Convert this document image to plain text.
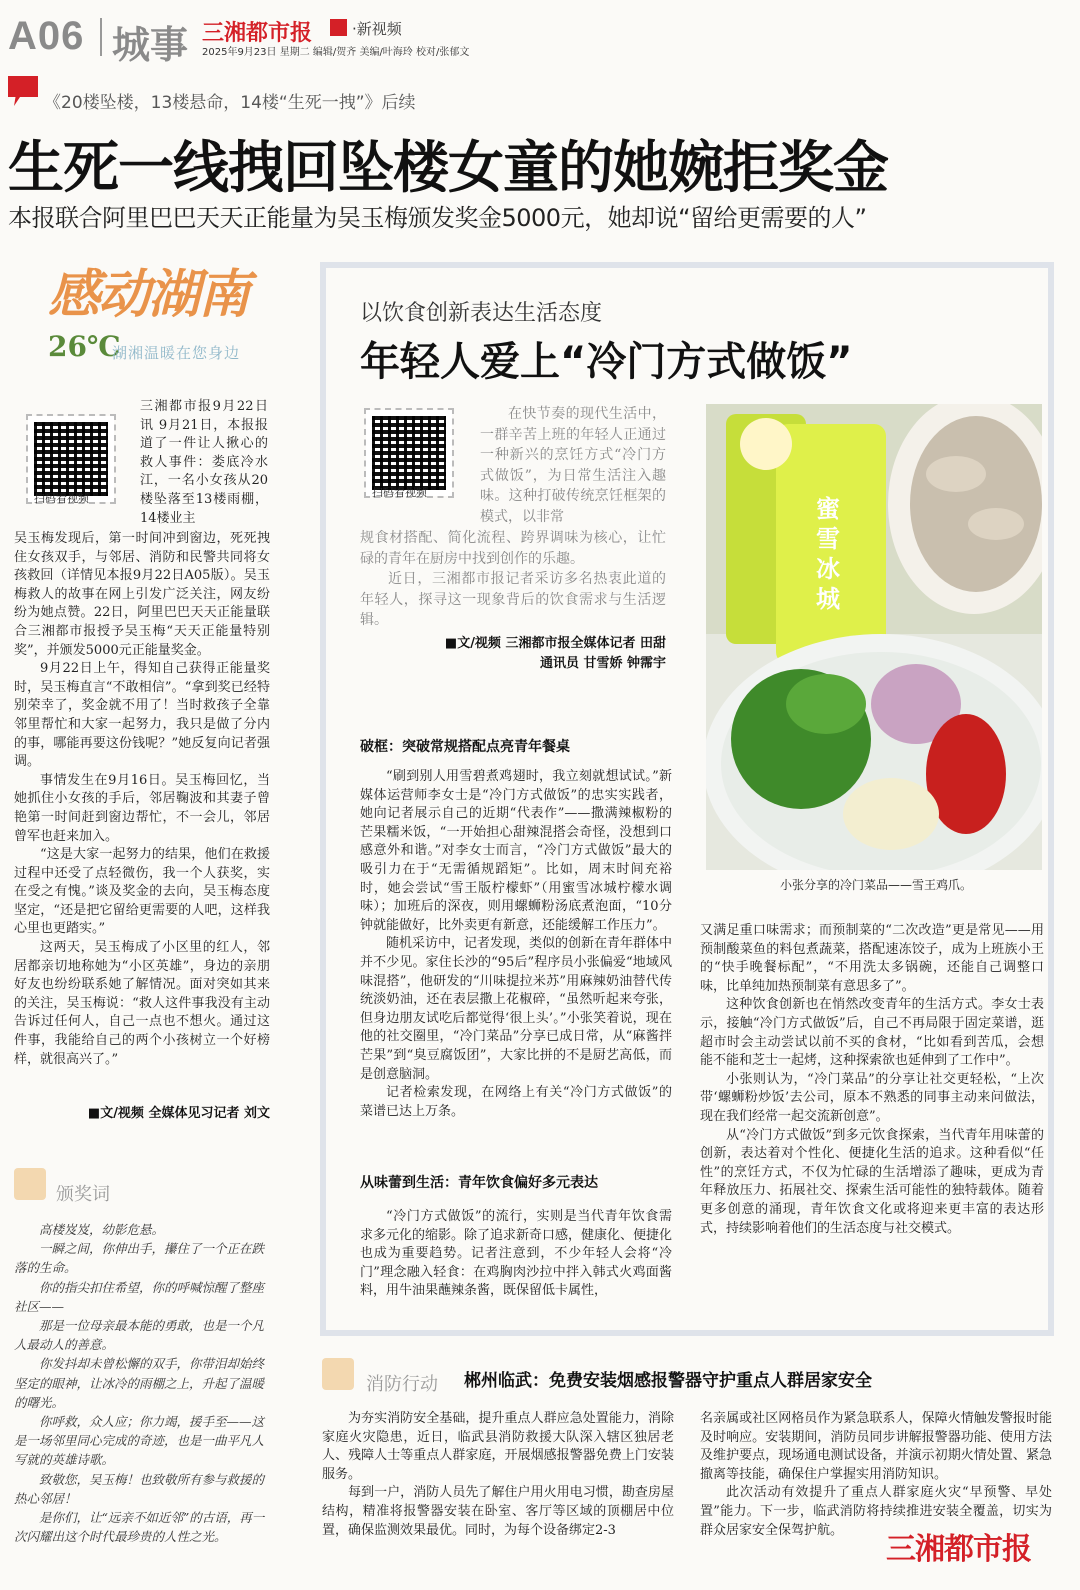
A06 城事 三湘都市报	·新视频
2025年9月23日 星期二 编辑/贺齐 美编/叶海玲 校对/张郁文
《20楼坠楼，13楼悬命，14楼“生死一拽”》后续
生死一线拽回坠楼女童的她婉拒奖金
本报联合阿里巴巴天天正能量为吴玉梅颁发奖金5000元，她却说“留给更需要的人”
感动湖南
26℃
湖湘温暖在您身边
扫码看视频
三湘都市报9月22日讯 9月21日，本报报道了一件让人揪心的救人事件：娄底冷水江，一名小女孩从20楼坠落至13楼雨棚，14楼业主

吴玉梅发现后，第一时间冲到窗边，死死拽住女孩双手，与邻居、消防和民警共同将女孩救回（详情见本报9月22日A05版）。吴玉梅救人的故事在网上引发广泛关注，网友纷纷为她点赞。22日，阿里巴巴天天正能量联合三湘都市报授予吴玉梅“天天正能量特别奖”，并颁发5000元正能量奖金。

9月22日上午，得知自己获得正能量奖时，吴玉梅直言“不敢相信”。“拿到奖已经特别荣幸了，奖金就不用了！当时救孩子全靠邻里帮忙和大家一起努力，我只是做了分内的事，哪能再要这份钱呢？”她反复向记者强调。

事情发生在9月16日。吴玉梅回忆，当她抓住小女孩的手后，邻居鞠波和其妻子曾艳第一时间赶到窗边帮忙，不一会儿，邻居曾军也赶来加入。

“这是大家一起努力的结果，他们在救援过程中还受了点轻微伤，我一个人获奖，实在受之有愧。”谈及奖金的去向，吴玉梅态度坚定，“还是把它留给更需要的人吧，这样我心里也更踏实。”

这两天，吴玉梅成了小区里的红人，邻居都亲切地称她为“小区英雄”，身边的亲朋好友也纷纷联系她了解情况。面对突如其来的关注，吴玉梅说：“救人这件事我没有主动告诉过任何人，自己一点也不想火。通过这件事，我能给自己的两个小孩树立一个好榜样，就很高兴了。”

■文/视频 全媒体见习记者 刘文
颁奖词

高楼岌岌，幼影危悬。

一瞬之间，你伸出手，攥住了一个正在跌落的生命。

你的指尖扣住希望，你的呼喊惊醒了整座社区——

那是一位母亲最本能的勇敢，也是一个凡人最动人的善意。

你发抖却未曾松懈的双手，你带泪却始终坚定的眼神，让冰冷的雨棚之上，升起了温暖的曙光。

你呼救，众人应；你力竭，援手至——这是一场邻里同心完成的奇迹，也是一曲平凡人写就的英雄诗歌。

致敬您，吴玉梅！也致敬所有参与救援的热心邻居！

是你们，让“远亲不如近邻”的古语，再一次闪耀出这个时代最珍贵的人性之光。

以饮食创新表达生活态度
年轻人爱上“冷门方式做饭”
扫码看视频
在快节奏的现代生活中，一群辛苦上班的年轻人正通过一种新兴的烹饪方式“冷门方式做饭”，为日常生活注入趣味。这种打破传统烹饪框架的模式，以非常
规食材搭配、简化流程、跨界调味为核心，让忙碌的青年在厨房中找到创作的乐趣。

近日，三湘都市报记者采访多名热衷此道的年轻人，探寻这一现象背后的饮食需求与生活逻辑。

■文/视频 三湘都市报全媒体记者 田甜
通讯员 甘雪娇 钟霈宇
破框：突破常规搭配点亮青年餐桌

“刷到别人用雪碧煮鸡翅时，我立刻就想试试。”新媒体运营师李女士是“冷门方式做饭”的忠实实践者，她向记者展示自己的近期“代表作”——撒满辣椒粉的芒果糯米饭，“一开始担心甜辣混搭会奇怪，没想到口感意外和谐。”对李女士而言，“冷门方式做饭”最大的吸引力在于“无需循规蹈矩”。比如，周末时间充裕时，她会尝试“雪王版柠檬虾”（用蜜雪冰城柠檬水调味）；加班后的深夜，则用螺蛳粉汤底煮泡面，“10分钟就能做好，比外卖更有新意，还能缓解工作压力”。

随机采访中，记者发现，类似的创新在青年群体中并不少见。家住长沙的“95后”程序员小张偏爱“地域风味混搭”，他研发的“川味提拉米苏”用麻辣奶油替代传统淡奶油，还在表层撒上花椒碎，“虽然听起来夸张，但身边朋友试吃后都觉得‘很上头’。”小张笑着说，现在他的社交圈里，“冷门菜品”分享已成日常，从“麻酱拌芒果”到“臭豆腐饭团”，大家比拼的不是厨艺高低，而是创意脑洞。

记者检索发现，在网络上有关“冷门方式做饭”的菜谱已达上万条。

从味蕾到生活：青年饮食偏好多元表达

“冷门方式做饭”的流行，实则是当代青年饮食需求多元化的缩影。除了追求新奇口感，健康化、便捷化也成为重要趋势。记者注意到，不少年轻人会将“冷门”理念融入轻食：在鸡胸肉沙拉中拌入韩式火鸡面酱料，用牛油果蘸辣条酱，既保留低卡属性，

蜜雪冰城
小张分享的冷门菜品——雪王鸡爪。

又满足重口味需求；而预制菜的“二次改造”更是常见——用预制酸菜鱼的料包煮蔬菜，搭配速冻饺子，成为上班族小王的“快手晚餐标配”，“不用洗太多锅碗，还能自己调整口味，比单纯加热预制菜有意思多了”。

这种饮食创新也在悄然改变青年的生活方式。李女士表示，接触“冷门方式做饭”后，自己不再局限于固定菜谱，逛超市时会主动尝试以前不买的食材，“比如看到苦瓜，会想能不能和芝士一起烤，这种探索欲也延伸到了工作中”。

小张则认为，“冷门菜品”的分享让社交更轻松，“上次带‘螺蛳粉炒饭’去公司，原本不熟悉的同事主动来问做法，现在我们经常一起交流新创意”。

从“冷门方式做饭”到多元饮食探索，当代青年用味蕾的创新，表达着对个性化、便捷化生活的追求。这种看似“任性”的烹饪方式，不仅为忙碌的生活增添了趣味，更成为青年释放压力、拓展社交、探索生活可能性的独特载体。随着更多创意的涌现，青年饮食文化或将迎来更丰富的表达形式，持续影响着他们的生活态度与社交模式。

消防行动 郴州临武：免费安装烟感报警器守护重点人群居家安全

为夯实消防安全基础，提升重点人群应急处置能力，消除家庭火灾隐患，近日，临武县消防救援大队深入辖区独居老人、残障人士等重点人群家庭，开展烟感报警器免费上门安装服务。

每到一户，消防人员先了解住户用火用电习惯，勘查房屋结构，精准将报警器安装在卧室、客厅等区域的顶棚居中位置，确保监测效果最优。同时，为每个设备绑定2-3

名亲属或社区网格员作为紧急联系人，保障火情触发警报时能及时响应。安装期间，消防员同步讲解报警器功能、使用方法及维护要点，现场通电测试设备，并演示初期火情处置、紧急撤离等技能，确保住户掌握实用消防知识。

此次活动有效提升了重点人群家庭火灾“早预警、早处置”能力。下一步，临武消防将持续推进安装全覆盖，切实为群众居家安全保驾护航。

三湘都市报
